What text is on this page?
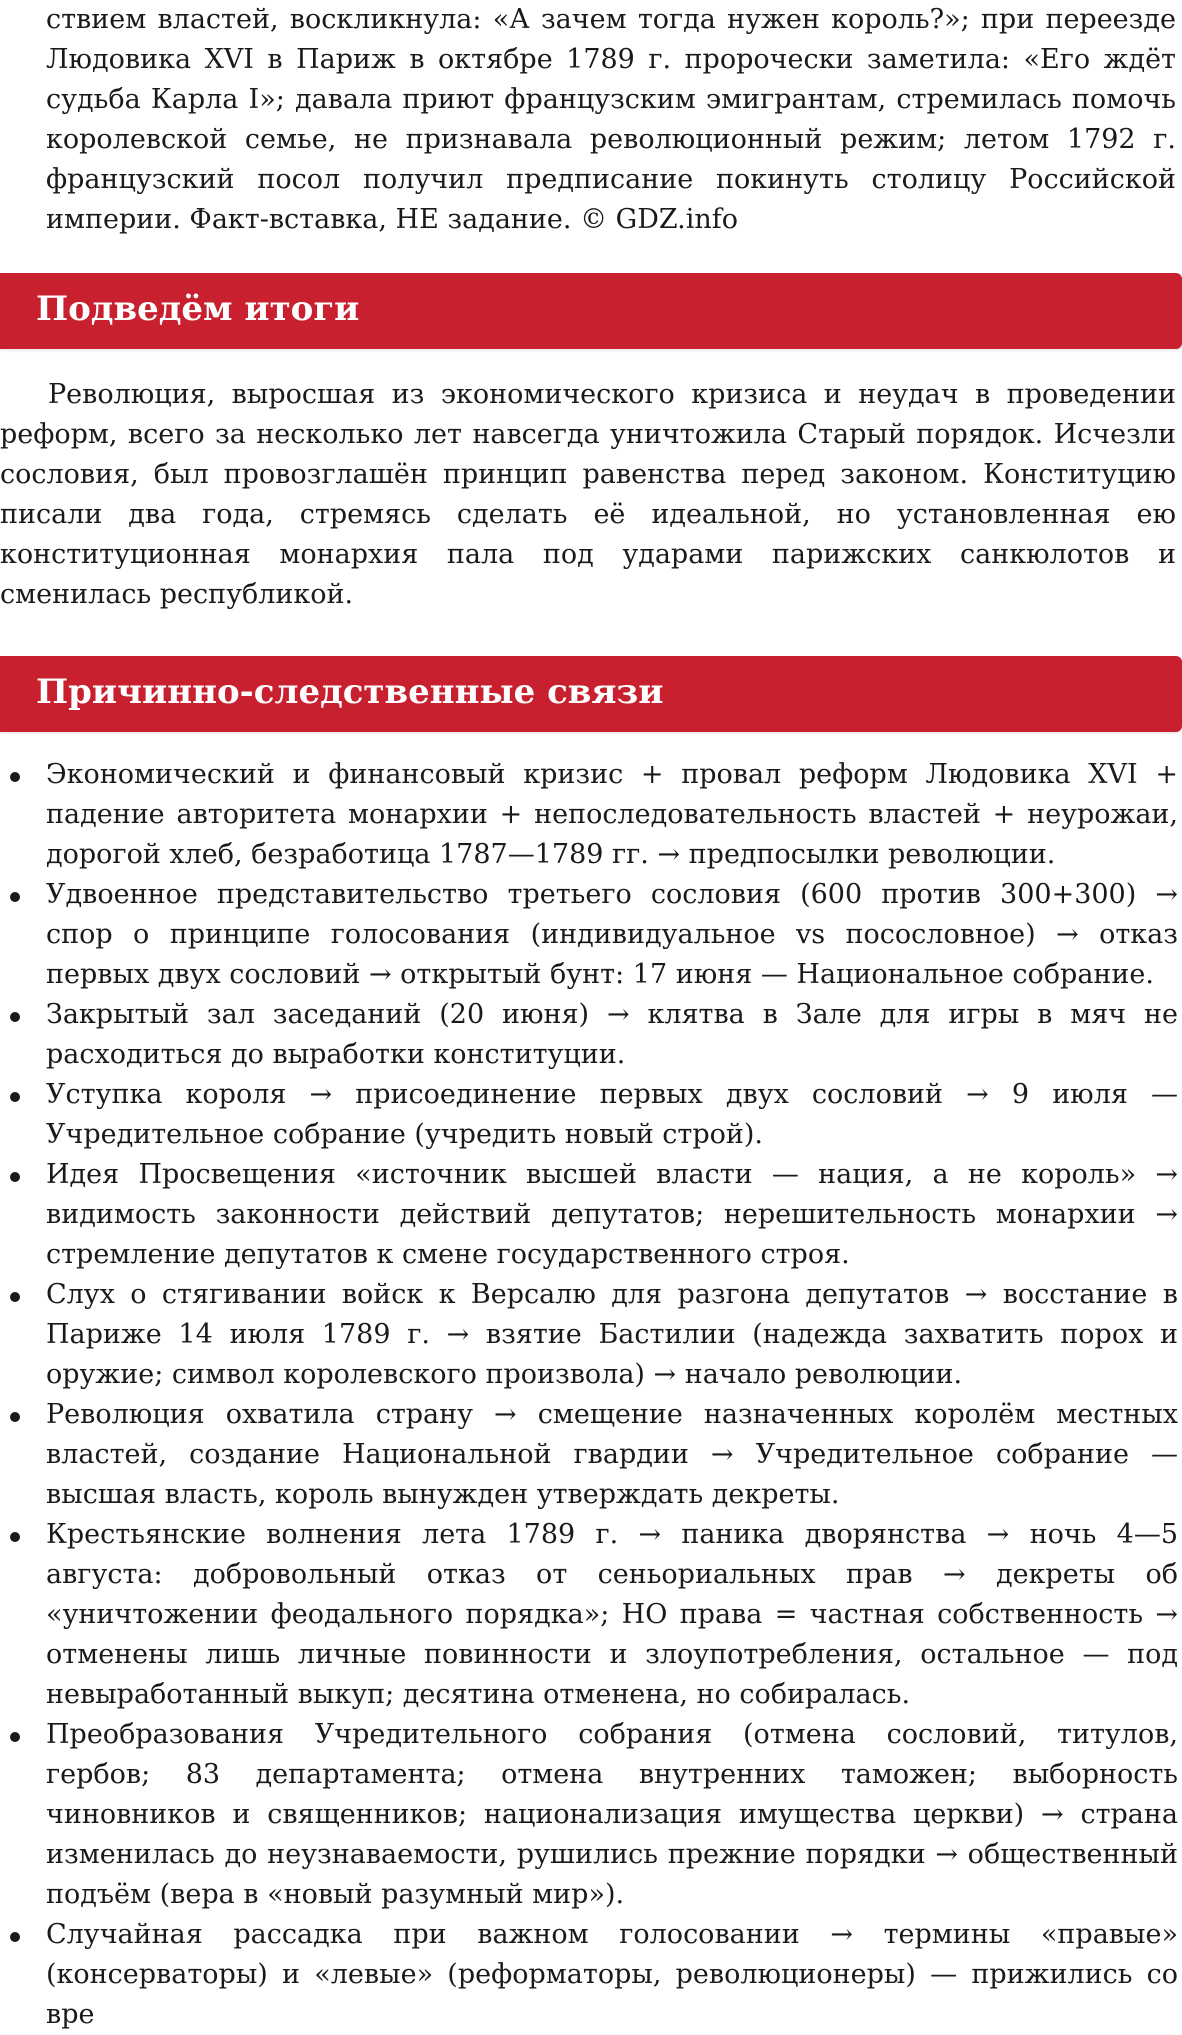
ствием властей, воскликнула: «А зачем тогда нужен король?»; при переезде Людовика XVI в Париж в октябре 1789 г. пророчески заметила: «Его ждёт судьба Карла I»; давала приют французским эмигрантам, стремилась помочь королевской семье, не признавала революционный режим; летом 1792 г. французский посол получил предписание покинуть столицу Российской империи. Факт-вставка, НЕ задание. © GDZ.info

Подведём итоги

Революция, выросшая из экономического кризиса и неудач в проведении реформ, всего за несколько лет навсегда уничтожила Старый порядок. Исчезли сословия, был провозглашён принцип равенства перед законом. Конституцию писали два года, стремясь сделать её идеальной, но установленная ею конституционная монархия пала под ударами парижских санкюлотов и сменилась республикой.

Причинно-следственные связи
Экономический и финансовый кризис + провал реформ Людовика XVI + падение авторитета монархии + непоследовательность властей + неурожаи, дорогой хлеб, безработица 1787—1789 гг. → предпосылки революции.
Удвоенное представительство третьего сословия (600 против 300+300) → спор о принципе голосования (индивидуальное vs посословное) → отказ первых двух сословий → открытый бунт: 17 июня — Национальное собрание.
Закрытый зал заседаний (20 июня) → клятва в Зале для игры в мяч не расходиться до выработки конституции.
Уступка короля → присоединение первых двух сословий → 9 июля — Учредительное собрание (учредить новый строй).
Идея Просвещения «источник высшей власти — нация, а не король» → видимость законности действий депутатов; нерешительность монархии → стремление депутатов к смене государственного строя.
Слух о стягивании войск к Версалю для разгона депутатов → восстание в Париже 14 июля 1789 г. → взятие Бастилии (надежда захватить порох и оружие; символ королевского произвола) → начало революции.
Революция охватила страну → смещение назначенных королём местных властей, создание Национальной гвардии → Учредительное собрание — высшая власть, король вынужден утверждать декреты.
Крестьянские волнения лета 1789 г. → паника дворянства → ночь 4—5 августа: добровольный отказ от сеньориальных прав → декреты об «уничтожении феодального порядка»; НО права = частная собственность → отменены лишь личные повинности и злоупотребления, остальное — под невыработанный выкуп; десятина отменена, но собиралась.
Преобразования Учредительного собрания (отмена сословий, титулов, гербов; 83 департамента; отмена внутренних таможен; выборность чиновников и священников; национализация имущества церкви) → страна изменилась до неузнаваемости, рушились прежние порядки → общественный подъём (вера в «новый разумный мир»).
Случайная рассадка при важном голосовании → термины «правые» (консерваторы) и «левые» (реформаторы, революционеры) — прижились со вре
